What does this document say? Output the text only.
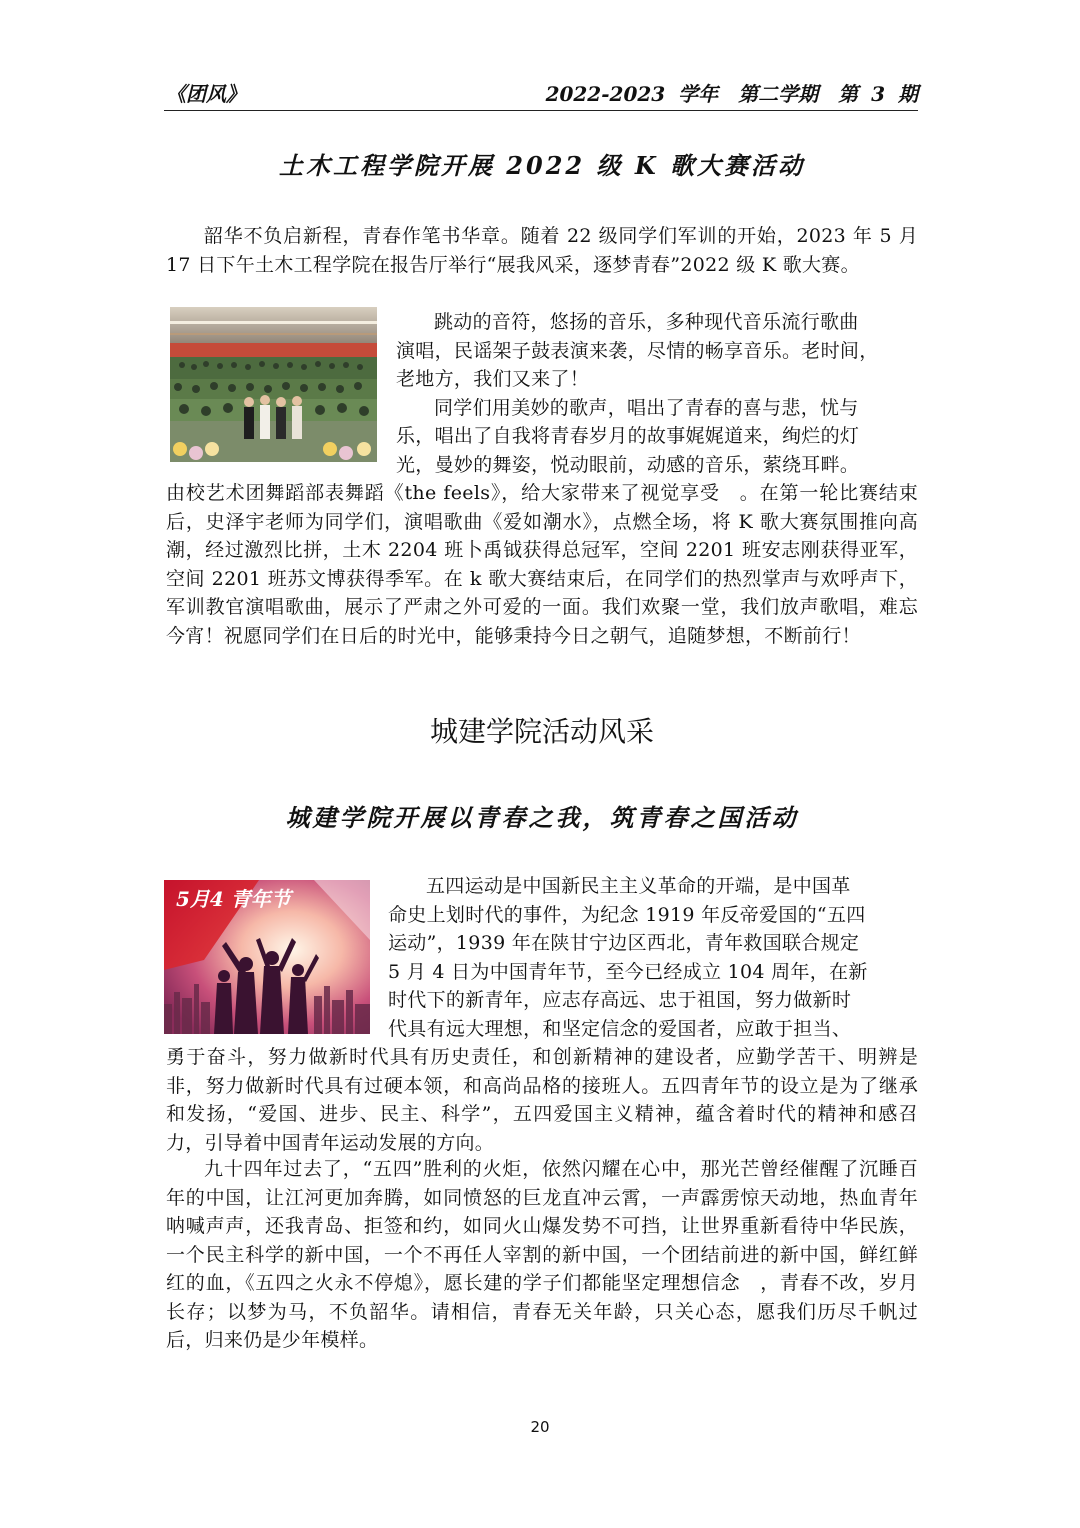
《团风》	2022-2023 学年　第二学期　第 3 期
土木工程学院开展 2022 级 K 歌大赛活动
韶华不负启新程，青春作笔书华章。随着 22 级同学们军训的开始，2023 年 5 月 17 日下午土木工程学院在报告厅举行“展我风采，逐梦青春”2022 级 K 歌大赛。
跳动的音符，悠扬的音乐，多种现代音乐流行歌曲
演唱，民谣架子鼓表演来袭，尽情的畅享音乐。老时间，
老地方，我们又来了！
同学们用美妙的歌声，唱出了青春的喜与悲，忧与
乐，唱出了自我将青春岁月的故事娓娓道来，绚烂的灯
光，曼妙的舞姿，悦动眼前，动感的音乐，萦绕耳畔。
由校艺术团舞蹈部表舞蹈《the feels》，给大家带来了视觉享受　。在第一轮比赛结束后，史泽宇老师为同学们，演唱歌曲《爱如潮水》，点燃全场，将 K 歌大赛氛围推向高潮，经过激烈比拼，土木 2204 班卜禹钺获得总冠军，空间 2201 班安志刚获得亚军，空间 2201 班苏文博获得季军。在 k 歌大赛结束后，在同学们的热烈掌声与欢呼声下，军训教官演唱歌曲，展示了严肃之外可爱的一面。我们欢聚一堂，我们放声歌唱，难忘今宵！祝愿同学们在日后的时光中，能够秉持今日之朝气，追随梦想，不断前行！
城建学院活动风采
城建学院开展以青春之我，筑青春之国活动
5月4 青年节
五四运动是中国新民主主义革命的开端，是中国革
命史上划时代的事件，为纪念 1919 年反帝爱国的“五四
运动”，1939 年在陕甘宁边区西北，青年救国联合规定
5 月 4 日为中国青年节，至今已经成立 104 周年，在新
时代下的新青年，应志存高远、忠于祖国，努力做新时
代具有远大理想，和坚定信念的爱国者，应敢于担当、
勇于奋斗，努力做新时代具有历史责任，和创新精神的建设者，应勤学苦干、明辨是非，努力做新时代具有过硬本领，和高尚品格的接班人。五四青年节的设立是为了继承和发扬，“爱国、进步、民主、科学”，五四爱国主义精神，蕴含着时代的精神和感召力，引导着中国青年运动发展的方向。
九十四年过去了，“五四”胜利的火炬，依然闪耀在心中，那光芒曾经催醒了沉睡百年的中国，让江河更加奔腾，如同愤怒的巨龙直冲云霄，一声霹雳惊天动地，热血青年呐喊声声，还我青岛、拒签和约，如同火山爆发势不可挡，让世界重新看待中华民族，一个民主科学的新中国，一个不再任人宰割的新中国，一个团结前进的新中国，鲜红鲜红的血，《五四之火永不停熄》，愿长建的学子们都能坚定理想信念　，青春不改，岁月长存；以梦为马，不负韶华。请相信，青春无关年龄，只关心态，愿我们历尽千帆过后，归来仍是少年模样。
20
